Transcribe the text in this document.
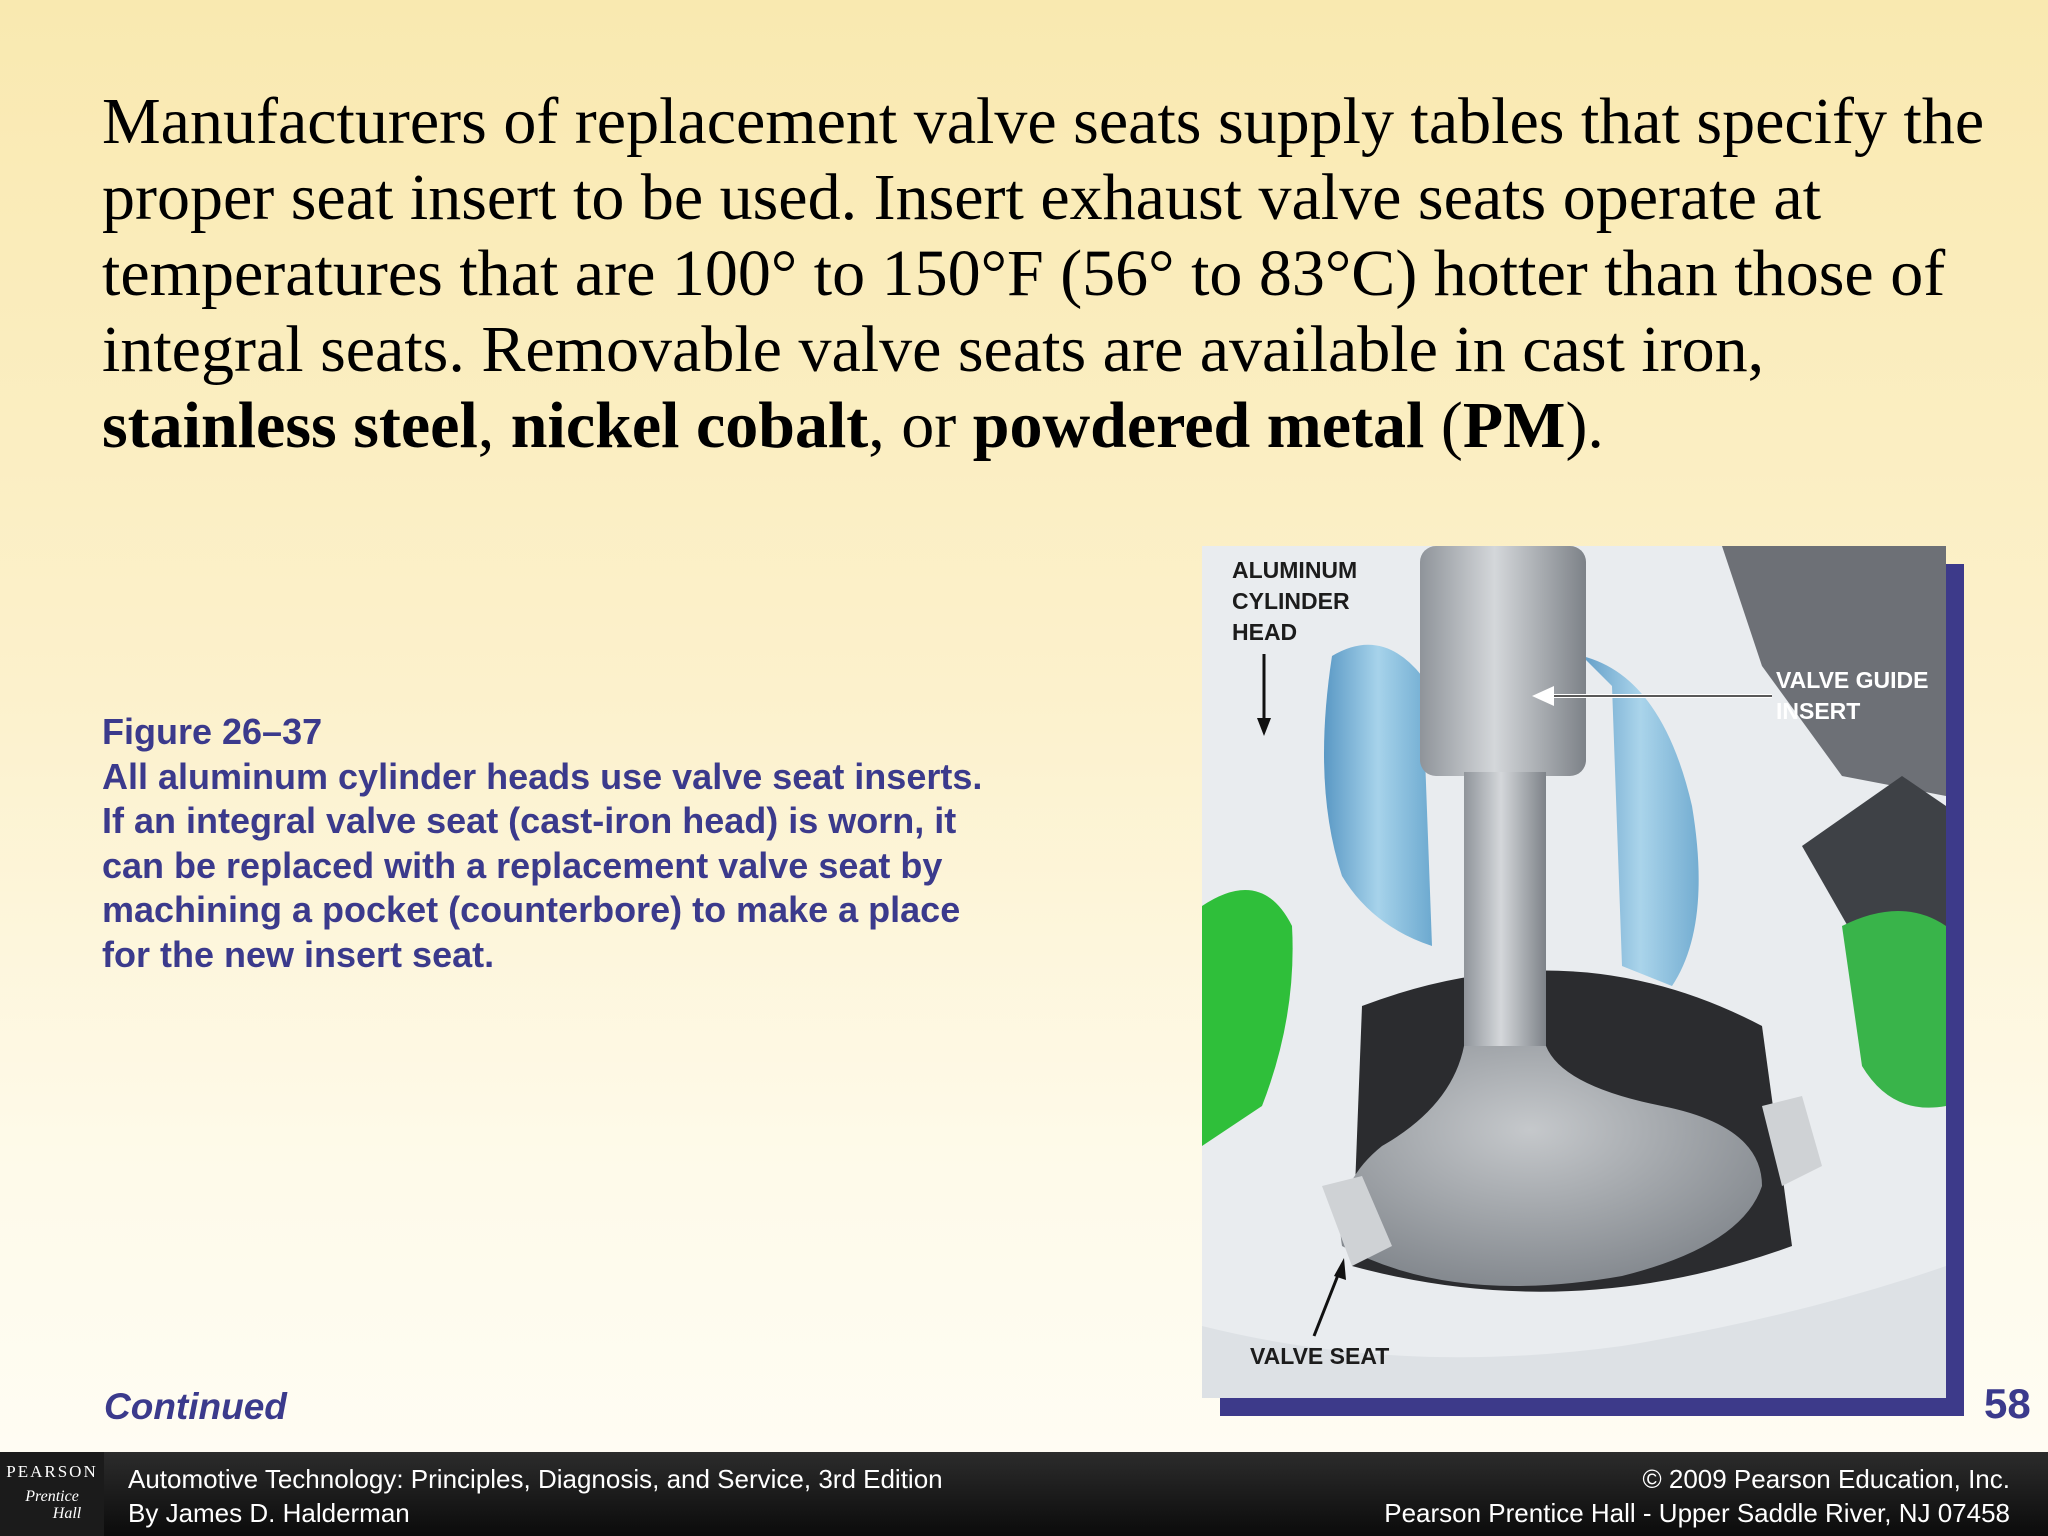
Manufacturers of replacement valve seats supply tables that specify the proper seat insert to be used. Insert exhaust valve seats operate at temperatures that are 100° to 150°F (56° to 83°C) hotter than those of integral seats. Removable valve seats are available in cast iron, stainless steel, nickel cobalt, or powdered metal (PM).
Figure 26–37
All aluminum cylinder heads use valve seat inserts.
If an integral valve seat (cast-iron head) is worn, it
can be replaced with a replacement valve seat by
machining a pocket (counterbore) to make a place
for the new insert seat.
ALUMINUM
CYLINDER
HEAD
VALVE SEAT
VALVE GUIDE
INSERT
Continued	58
PEARSON
Prentice
Hall
Automotive Technology: Principles, Diagnosis, and Service, 3rd Edition
By James D. Halderman
© 2009 Pearson Education, Inc.
Pearson Prentice Hall - Upper Saddle River, NJ 07458
